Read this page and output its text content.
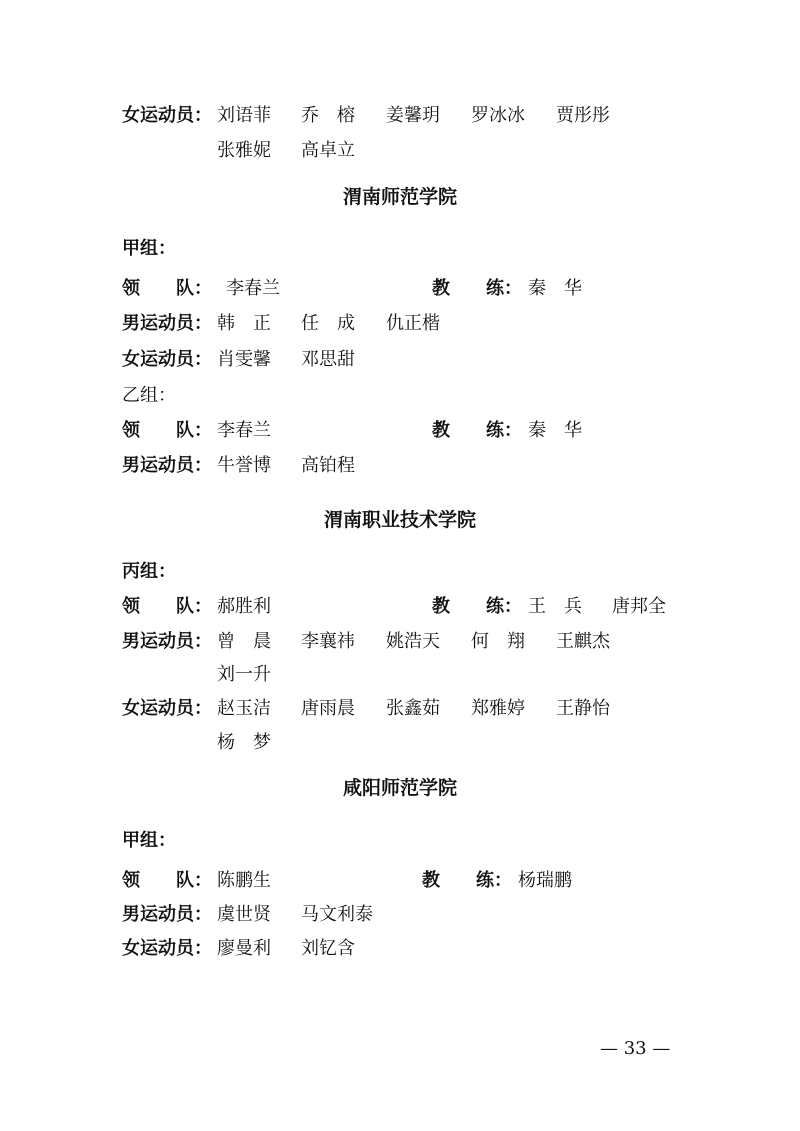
女运动员： 刘语菲 乔　榕 姜馨玥 罗冰冰 贾彤彤
张雅妮 高卓立
渭南师范学院
甲组：
领　　队： 李春兰	教　　练： 秦　华
男运动员： 韩　正 任　成 仇正楷
女运动员： 肖雯馨 邓思甜
乙组：
领　　队： 李春兰	教　　练： 秦　华
男运动员： 牛誉博 高铂程
渭南职业技术学院
丙组：
领　　队： 郝胜利	教　　练： 王　兵 唐邦全
男运动员： 曾　晨 李襄祎 姚浩天 何　翔 王麒杰
刘一升
女运动员： 赵玉洁 唐雨晨 张鑫茹 郑雅婷 王静怡
杨　梦
咸阳师范学院
甲组：
领　　队： 陈鹏生	教　　练： 杨瑞鹏
男运动员： 虞世贤 马文利泰
女运动员： 廖曼利 刘钇含
— 33 —
